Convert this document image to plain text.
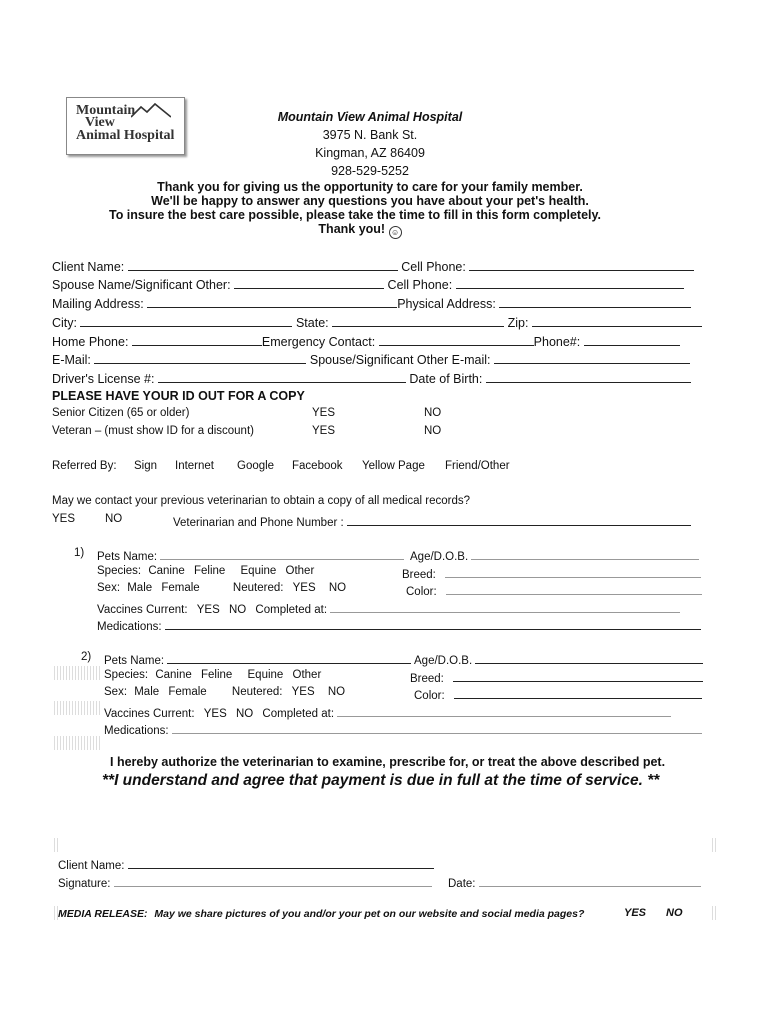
Mountain
View
Animal Hospital
Mountain View Animal Hospital
3975 N. Bank St.
Kingman, AZ 86409
928-529-5252
Thank you for giving us the opportunity to care for your family member.
We'll be happy to answer any questions you have about your pet's health.
To insure the best care possible, please take the time to fill in this form completely.
Thank you! ☺
Client Name:	Cell Phone:
Spouse Name/Significant Other:	Cell Phone:
Mailing Address:	Physical Address:
City:	State:	Zip:
Home Phone:	Emergency Contact:	Phone#:
E-Mail:	Spouse/Significant Other E-mail:
Driver's License #:	Date of Birth:
PLEASE HAVE YOUR ID OUT FOR A COPY
Senior Citizen (65 or older)	YES	NO
Veteran – (must show ID for a discount)	YES	NO
Referred By: Sign Internet Google Facebook Yellow Page Friend/Other
May we contact your previous veterinarian to obtain a copy of all medical records?
YES	NO	Veterinarian and Phone Number :
1) Pets Name:	Age/D.O.B.
Species: Canine Feline Equine Other	Breed:
Sex: Male Female	Neutered: YES NO	Color:
Vaccines Current: YES NO Completed at:
Medications:
2) Pets Name:	Age/D.O.B.
Species: Canine Feline Equine Other	Breed:
Sex: Male Female Neutered: YES NO	Color:
Vaccines Current: YES NO Completed at:
Medications:
I hereby authorize the veterinarian to examine, prescribe for, or treat the above described pet.
**I understand and agree that payment is due in full at the time of service. **
Client Name:
Signature:	Date:
MEDIA RELEASE: May we share pictures of you and/or your pet on our website and social media pages?	YES NO
